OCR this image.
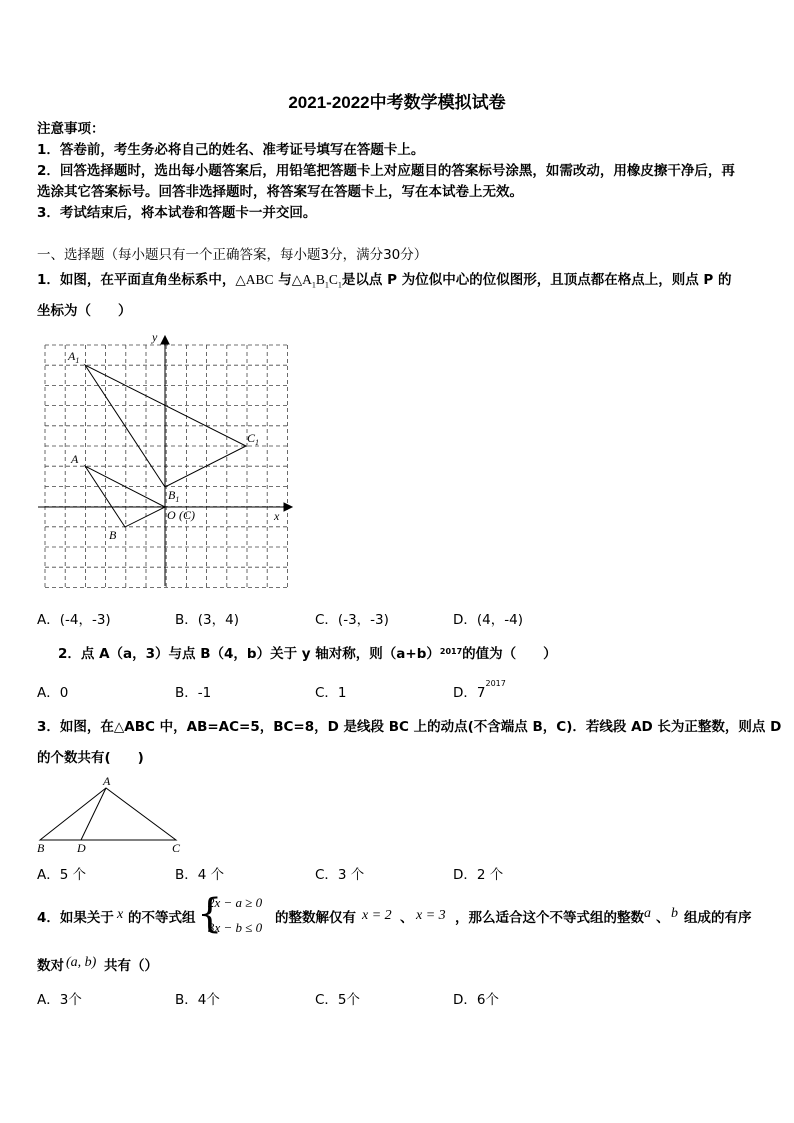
2021-2022中考数学模拟试卷
注意事项：
1．答卷前，考生务必将自己的姓名、准考证号填写在答题卡上。
2．回答选择题时，选出每小题答案后，用铅笔把答题卡上对应题目的答案标号涂黑，如需改动，用橡皮擦干净后，再
选涂其它答案标号。回答非选择题时，将答案写在答题卡上，写在本试卷上无效。
3．考试结束后，将本试卷和答题卡一并交回。
一、选择题（每小题只有一个正确答案，每小题3分，满分30分）
1．如图，在平面直角坐标系中，△ABC 与$\triangle A_1B_1C_1$是以点 P 为位似中心的位似图形，且顶点都在格点上，则点 P 的
坐标为（　　）
y
x
$A_1$
$C_1$
A
$B_1$
O (C)
B
A．(-4，-3)	B．(3，4)	C．(-3，-3)	D．(4，-4)
2．点 A（a，3）与点 B（4，b）关于 y 轴对称，则$(a+b)^{2017}$的值为（　　）
A．0	B．-1	C．1	D．$7^{2017}$
3．如图，在△ABC 中，AB=AC=5，BC=8，D 是线段 BC 上的动点(不含端点 B，C)．若线段 AD 长为正整数，则点 D
的个数共有(　　)
A
B	D	C
A．5 个	B．4 个	C．3 个	D．2 个
4．如果关于 x 的不等式组 {
2x − a ≥ 0
3x − b ≤ 0
的整数解仅有 x = 2 、 x = 3 ，那么适合这个不等式组的整数 a 、 b 组成的有序
数对 (a, b) 共有（）
A．3个	B．4个	C．5个	D．6个
